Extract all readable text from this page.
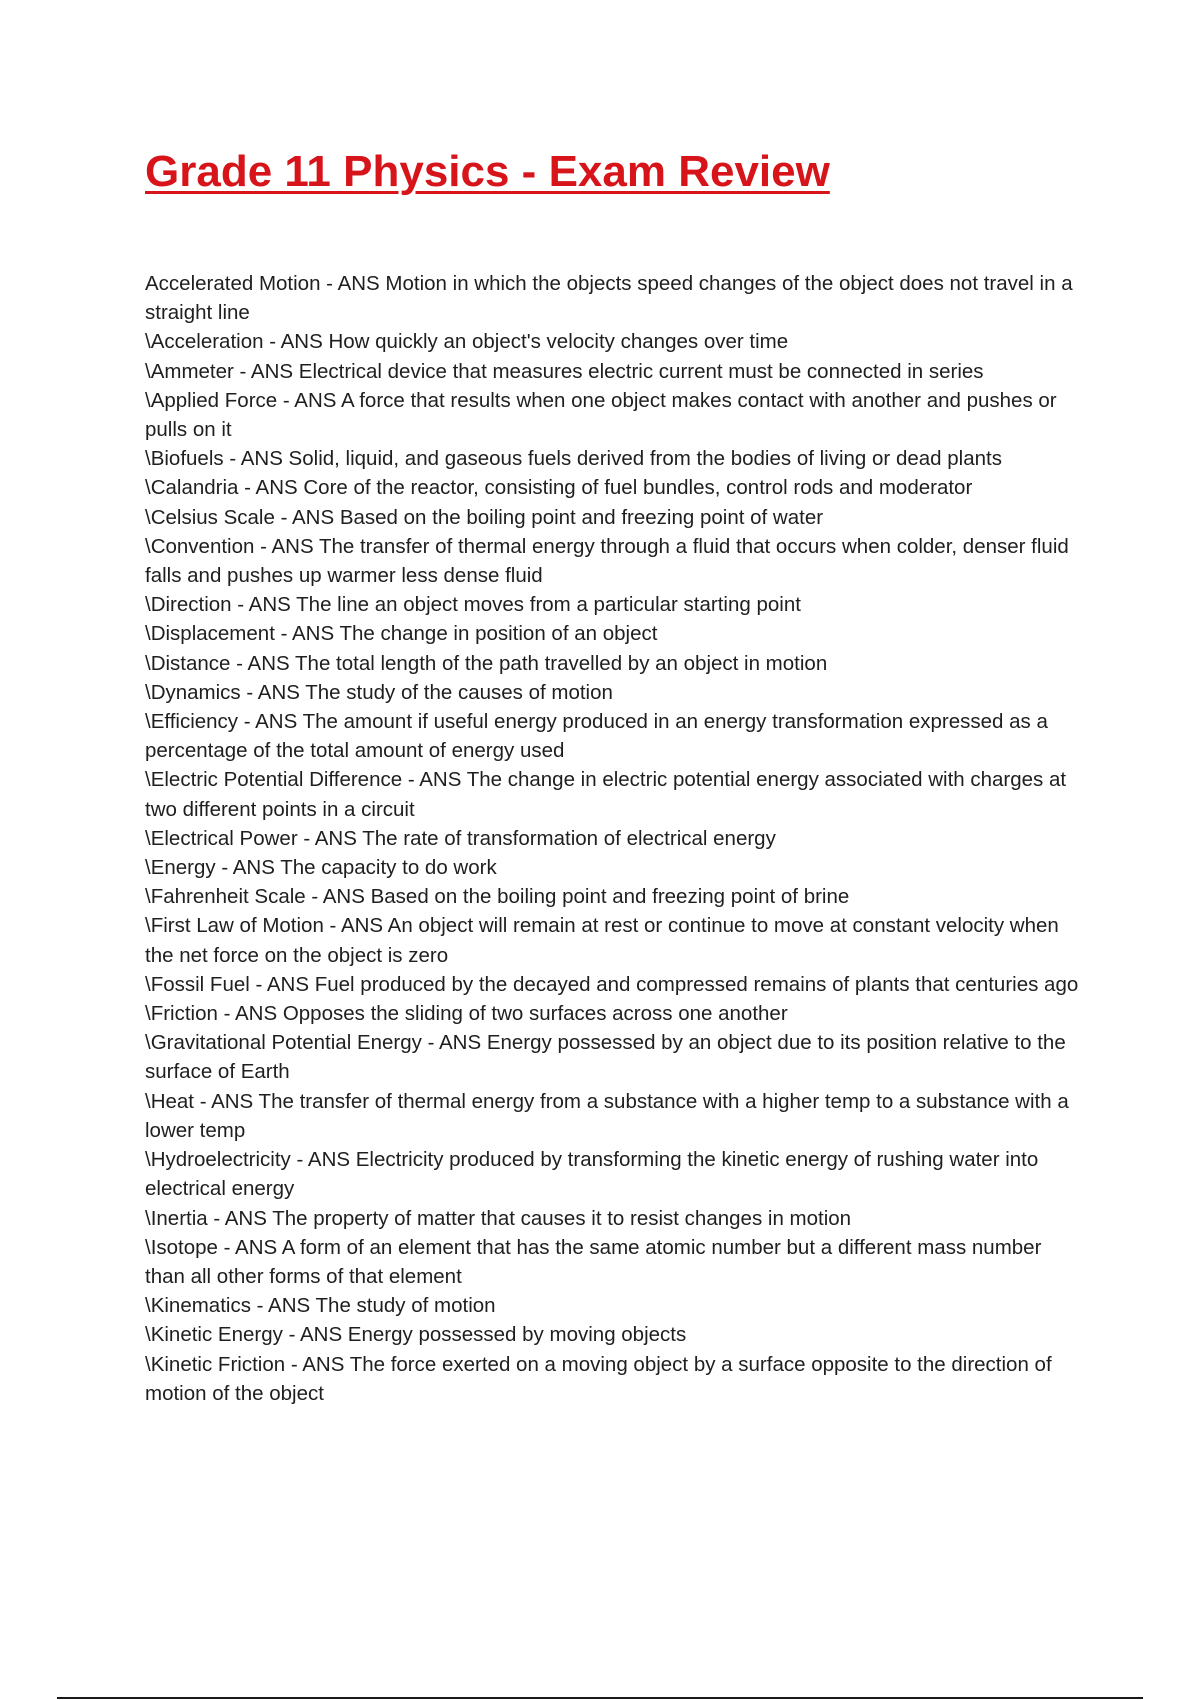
Grade 11 Physics - Exam Review
Accelerated Motion - ANS Motion in which the objects speed changes of the object does not travel in a straight line
\Acceleration - ANS How quickly an object's velocity changes over time
\Ammeter - ANS Electrical device that measures electric current must be connected in series
\Applied Force - ANS A force that results when one object makes contact with another and pushes or pulls on it
\Biofuels - ANS Solid, liquid, and gaseous fuels derived from the bodies of living or dead plants
\Calandria - ANS Core of the reactor, consisting of fuel bundles, control rods and moderator
\Celsius Scale - ANS Based on the boiling point and freezing point of water
\Convention - ANS The transfer of thermal energy through a fluid that occurs when colder, denser fluid falls and pushes up warmer less dense fluid
\Direction - ANS The line an object moves from a particular starting point
\Displacement - ANS The change in position of an object
\Distance - ANS The total length of the path travelled by an object in motion
\Dynamics - ANS The study of the causes of motion
\Efficiency - ANS The amount if useful energy produced in an energy transformation expressed as a percentage of the total amount of energy used
\Electric Potential Difference - ANS The change in electric potential energy associated with charges at two different points in a circuit
\Electrical Power - ANS The rate of transformation of electrical energy
\Energy - ANS The capacity to do work
\Fahrenheit Scale - ANS Based on the boiling point and freezing point of brine
\First Law of Motion - ANS An object will remain at rest or continue to move at constant velocity when the net force on the object is zero
\Fossil Fuel - ANS Fuel produced by the decayed and compressed remains of plants that centuries ago
\Friction - ANS Opposes the sliding of two surfaces across one another
\Gravitational Potential Energy - ANS Energy possessed by an object due to its position relative to the surface of Earth
\Heat - ANS The transfer of thermal energy from a substance with a higher temp to a substance with a lower temp
\Hydroelectricity - ANS Electricity produced by transforming the kinetic energy of rushing water into electrical energy
\Inertia - ANS The property of matter that causes it to resist changes in motion
\Isotope - ANS A form of an element that has the same atomic number but a different mass number than all other forms of that element
\Kinematics - ANS The study of motion
\Kinetic Energy - ANS Energy possessed by moving objects
\Kinetic Friction - ANS The force exerted on a moving object by a surface opposite to the direction of motion of the object
